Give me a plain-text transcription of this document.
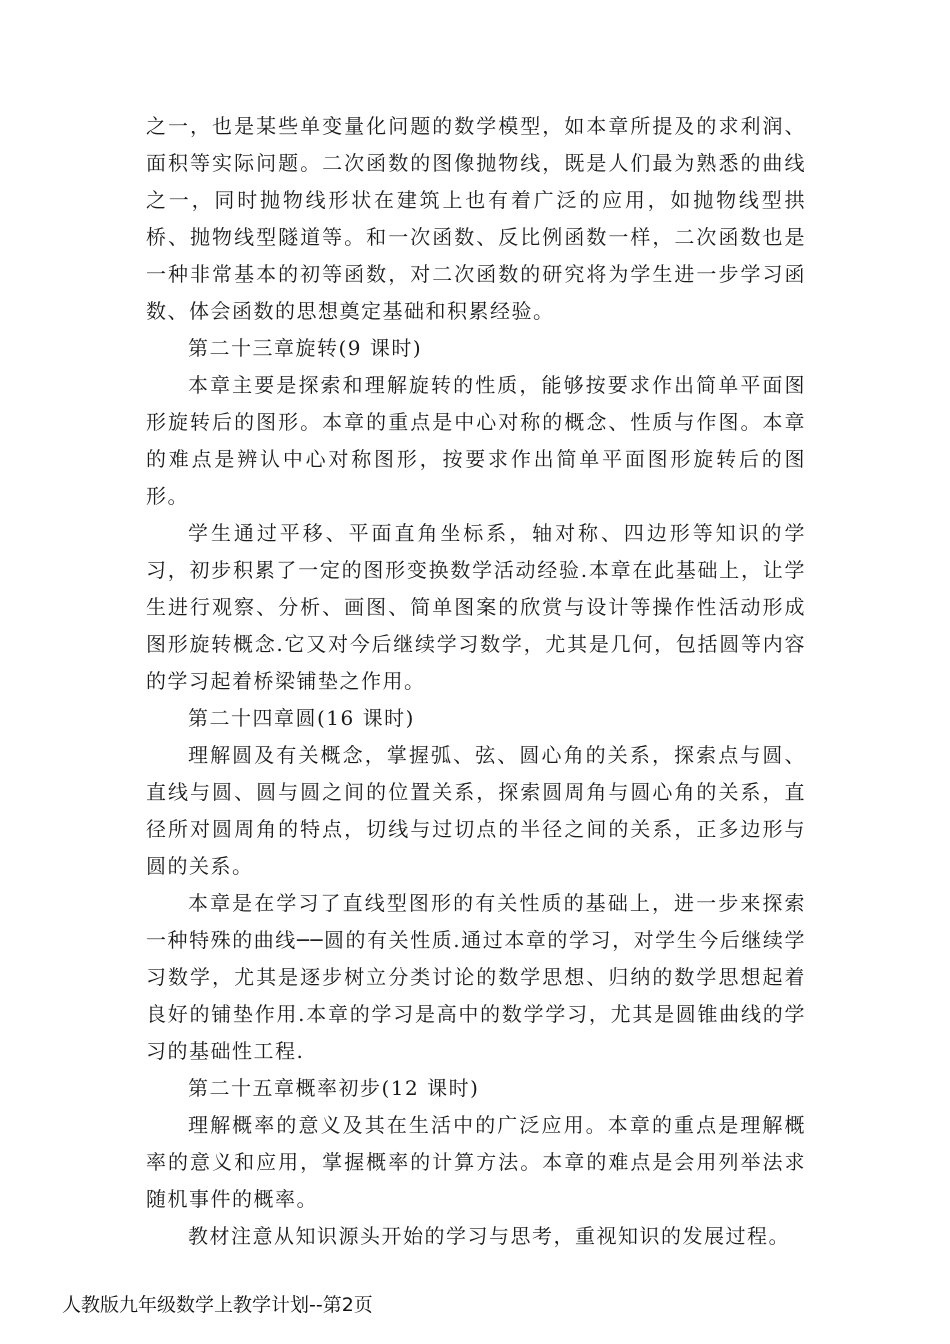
之一，也是某些单变量化问题的数学模型，如本章所提及的求利润、面积等实际问题。二次函数的图像抛物线，既是人们最为熟悉的曲线之一，同时抛物线形状在建筑上也有着广泛的应用，如抛物线型拱桥、抛物线型隧道等。和一次函数、反比例函数一样，二次函数也是一种非常基本的初等函数，对二次函数的研究将为学生进一步学习函数、体会函数的思想奠定基础和积累经验。

第二十三章旋转(9 课时)

本章主要是探索和理解旋转的性质，能够按要求作出简单平面图形旋转后的图形。本章的重点是中心对称的概念、性质与作图。本章的难点是辨认中心对称图形，按要求作出简单平面图形旋转后的图形。

学生通过平移、平面直角坐标系，轴对称、四边形等知识的学习，初步积累了一定的图形变换数学活动经验.本章在此基础上，让学生进行观察、分析、画图、简单图案的欣赏与设计等操作性活动形成图形旋转概念.它又对今后继续学习数学，尤其是几何，包括圆等内容的学习起着桥梁铺垫之作用。

第二十四章圆(16 课时)

理解圆及有关概念，掌握弧、弦、圆心角的关系，探索点与圆、直线与圆、圆与圆之间的位置关系，探索圆周角与圆心角的关系，直径所对圆周角的特点，切线与过切点的半径之间的关系，正多边形与圆的关系。

本章是在学习了直线型图形的有关性质的基础上，进一步来探索一种特殊的曲线──圆的有关性质.通过本章的学习，对学生今后继续学习数学，尤其是逐步树立分类讨论的数学思想、归纳的数学思想起着良好的铺垫作用.本章的学习是高中的数学学习，尤其是圆锥曲线的学习的基础性工程.

第二十五章概率初步(12 课时)

理解概率的意义及其在生活中的广泛应用。本章的重点是理解概率的意义和应用，掌握概率的计算方法。本章的难点是会用列举法求随机事件的概率。

教材注意从知识源头开始的学习与思考，重视知识的发展过程。

人教版九年级数学上教学计划--第2页
